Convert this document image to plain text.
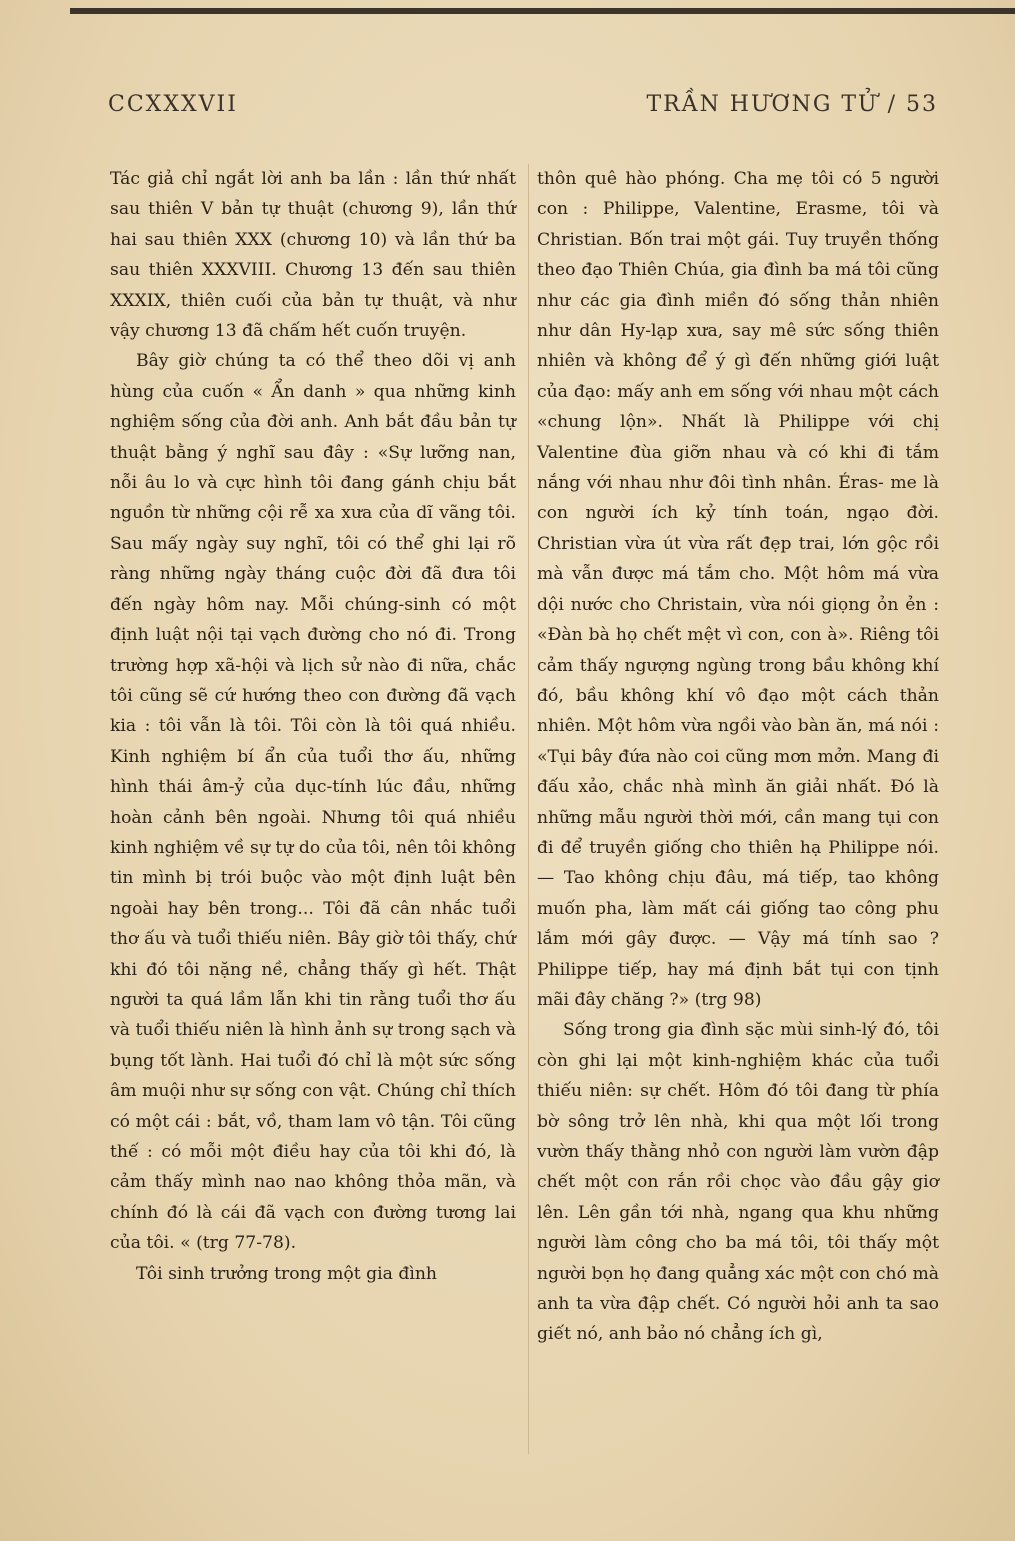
CCXXXVII	TRẦN HƯƠNG TỬ / 53

Tác giả chỉ ngắt lời anh ba lần : lần thứ nhất sau thiên V bản tự thuật (chương 9), lần thứ hai sau thiên XXX (chương 10) và lần thứ ba sau thiên XXXVIII. Chương 13 đến sau thiên XXXIX, thiên cuối của bản tự thuật, và như vậy chương 13 đã chấm hết cuốn truyện.

Bây giờ chúng ta có thể theo dõi vị anh hùng của cuốn « Ẩn danh » qua những kinh nghiệm sống của đời anh. Anh bắt đầu bản tự thuật bằng ý nghĩ sau đây : «Sự lưỡng nan, nỗi âu lo và cực hình tôi đang gánh chịu bắt nguồn từ những cội rễ xa xưa của dĩ vãng tôi. Sau mấy ngày suy nghĩ, tôi có thể ghi lại rõ ràng những ngày tháng cuộc đời đã đưa tôi đến ngày hôm nay. Mỗi chúng-sinh có một định luật nội tại vạch đường cho nó đi. Trong trường hợp xã-hội và lịch sử nào đi nữa, chắc tôi cũng sẽ cứ hướng theo con đường đã vạch kia : tôi vẫn là tôi. Tôi còn là tôi quá nhiều. Kinh nghiệm bí ẩn của tuổi thơ ấu, những hình thái âm-ỷ của dục-tính lúc đầu, những hoàn cảnh bên ngoài. Nhưng tôi quá nhiều kinh nghiệm về sự tự do của tôi, nên tôi không tin mình bị trói buộc vào một định luật bên ngoài hay bên trong... Tôi đã cân nhắc tuổi thơ ấu và tuổi thiếu niên. Bây giờ tôi thấy, chứ khi đó tôi nặng nề, chẳng thấy gì hết. Thật người ta quá lầm lẫn khi tin rằng tuổi thơ ấu và tuổi thiếu niên là hình ảnh sự trong sạch và bụng tốt lành. Hai tuổi đó chỉ là một sức sống âm muội như sự sống con vật. Chúng chỉ thích có một cái : bắt, vồ, tham lam vô tận. Tôi cũng thế : có mỗi một điều hay của tôi khi đó, là cảm thấy mình nao nao không thỏa mãn, và chính đó là cái đã vạch con đường tương lai của tôi. « (trg 77-78).

Tôi sinh trưởng trong một gia đình

thôn quê hào phóng. Cha mẹ tôi có 5 người con : Philippe, Valentine, Erasme, tôi và Christian. Bốn trai một gái. Tuy truyền thống theo đạo Thiên Chúa, gia đình ba má tôi cũng như các gia đình miền đó sống thản nhiên như dân Hy-lạp xưa, say mê sức sống thiên nhiên và không để ý gì đến những giới luật của đạo: mấy anh em sống với nhau một cách «chung lộn». Nhất là Philippe với chị Valentine đùa giỡn nhau và có khi đi tắm nắng với nhau như đôi tình nhân. Éras- me là con người ích kỷ tính toán, ngạo đời. Christian vừa út vừa rất đẹp trai, lớn gộc rồi mà vẫn được má tắm cho. Một hôm má vừa dội nước cho Christain, vừa nói giọng ỏn ẻn : «Đàn bà họ chết mệt vì con, con à». Riêng tôi cảm thấy ngượng ngùng trong bầu không khí đó, bầu không khí vô đạo một cách thản nhiên. Một hôm vừa ngồi vào bàn ăn, má nói : «Tụi bây đứa nào coi cũng mơn mởn. Mang đi đấu xảo, chắc nhà mình ăn giải nhất. Đó là những mẫu người thời mới, cần mang tụi con đi để truyền giống cho thiên hạ Philippe nói. — Tao không chịu đâu, má tiếp, tao không muốn pha, làm mất cái giống tao công phu lắm mới gây được. — Vậy má tính sao ? Philippe tiếp, hay má định bắt tụi con tịnh mãi đây chăng ?» (trg 98)

Sống trong gia đình sặc mùi sinh-lý đó, tôi còn ghi lại một kinh-nghiệm khác của tuổi thiếu niên: sự chết. Hôm đó tôi đang từ phía bờ sông trở lên nhà, khi qua một lối trong vườn thấy thằng nhỏ con người làm vườn đập chết một con rắn rồi chọc vào đầu gậy giơ lên. Lên gần tới nhà, ngang qua khu những người làm công cho ba má tôi, tôi thấy một người bọn họ đang quẳng xác một con chó mà anh ta vừa đập chết. Có người hỏi anh ta sao giết nó, anh bảo nó chẳng ích gì,
